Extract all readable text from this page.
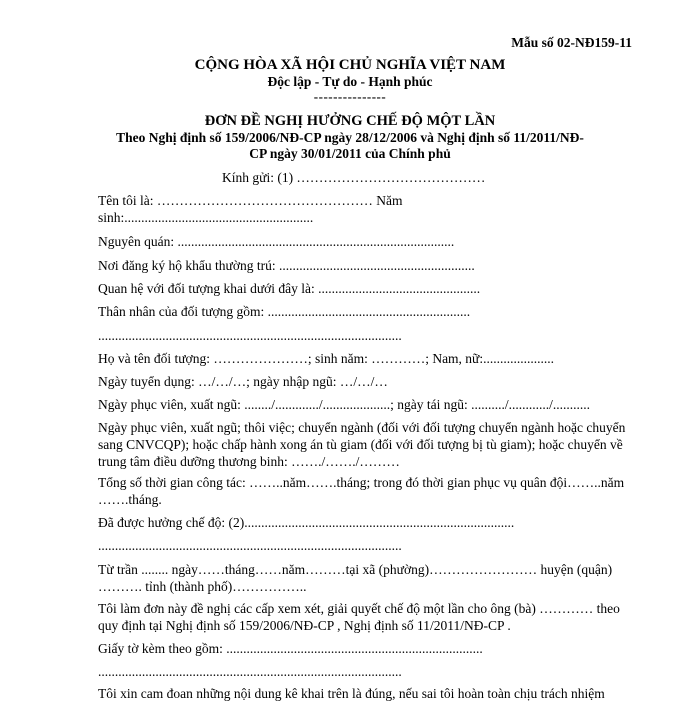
Mẫu số 02-NĐ159-11
CỘNG HÒA XÃ HỘI CHỦ NGHĨA VIỆT NAM
Độc lập - Tự do - Hạnh phúc
---------------
ĐƠN ĐỀ NGHỊ HƯỞNG CHẾ ĐỘ MỘT LẦN
Theo Nghị định số 159/2006/NĐ-CP ngày 28/12/2006 và Nghị định số 11/2011/NĐ-
CP ngày 30/01/2011 của Chính phủ
Kính gửi: (1) ……………………………………
Tên tôi là: ………………………………………… Năm
sinh:........................................................
Nguyên quán: ..................................................................................
Nơi đăng ký hộ khẩu thường trú: ..........................................................
Quan hệ với đối tượng khai dưới đây là: ................................................
Thân nhân của đối tượng gồm: ............................................................
..........................................................................................
Họ và tên đối tượng: …………………; sinh năm: …………; Nam, nữ:.....................
Ngày tuyển dụng: …/…/…; ngày nhập ngũ: …/…/…
Ngày phục viên, xuất ngũ: ......../............./....................; ngày tái ngũ: ........../............/...........
Ngày phục viên, xuất ngũ; thôi việc; chuyển ngành (đối với đối tượng chuyển ngành hoặc chuyển sang CNVCQP); hoặc chấp hành xong án tù giam (đối với đối tượng bị tù giam); hoặc chuyển về trung tâm điều dưỡng thương binh: ……./……./………
Tổng số thời gian công tác: ……..năm…….tháng; trong đó thời gian phục vụ quân đội……..năm …….tháng.
Đã được hưởng chế độ: (2)................................................................................
..........................................................................................
Từ trần ........ ngày……tháng……năm………tại xã (phường)…………………… huyện (quận) ………. tỉnh (thành phố)……………..
Tôi làm đơn này đề nghị các cấp xem xét, giải quyết chế độ một lần cho ông (bà) ………… theo quy định tại Nghị định số 159/2006/NĐ-CP , Nghị định số 11/2011/NĐ-CP .
Giấy tờ kèm theo gồm: ............................................................................
..........................................................................................
Tôi xin cam đoan những nội dung kê khai trên là đúng, nếu sai tôi hoàn toàn chịu trách nhiệm
